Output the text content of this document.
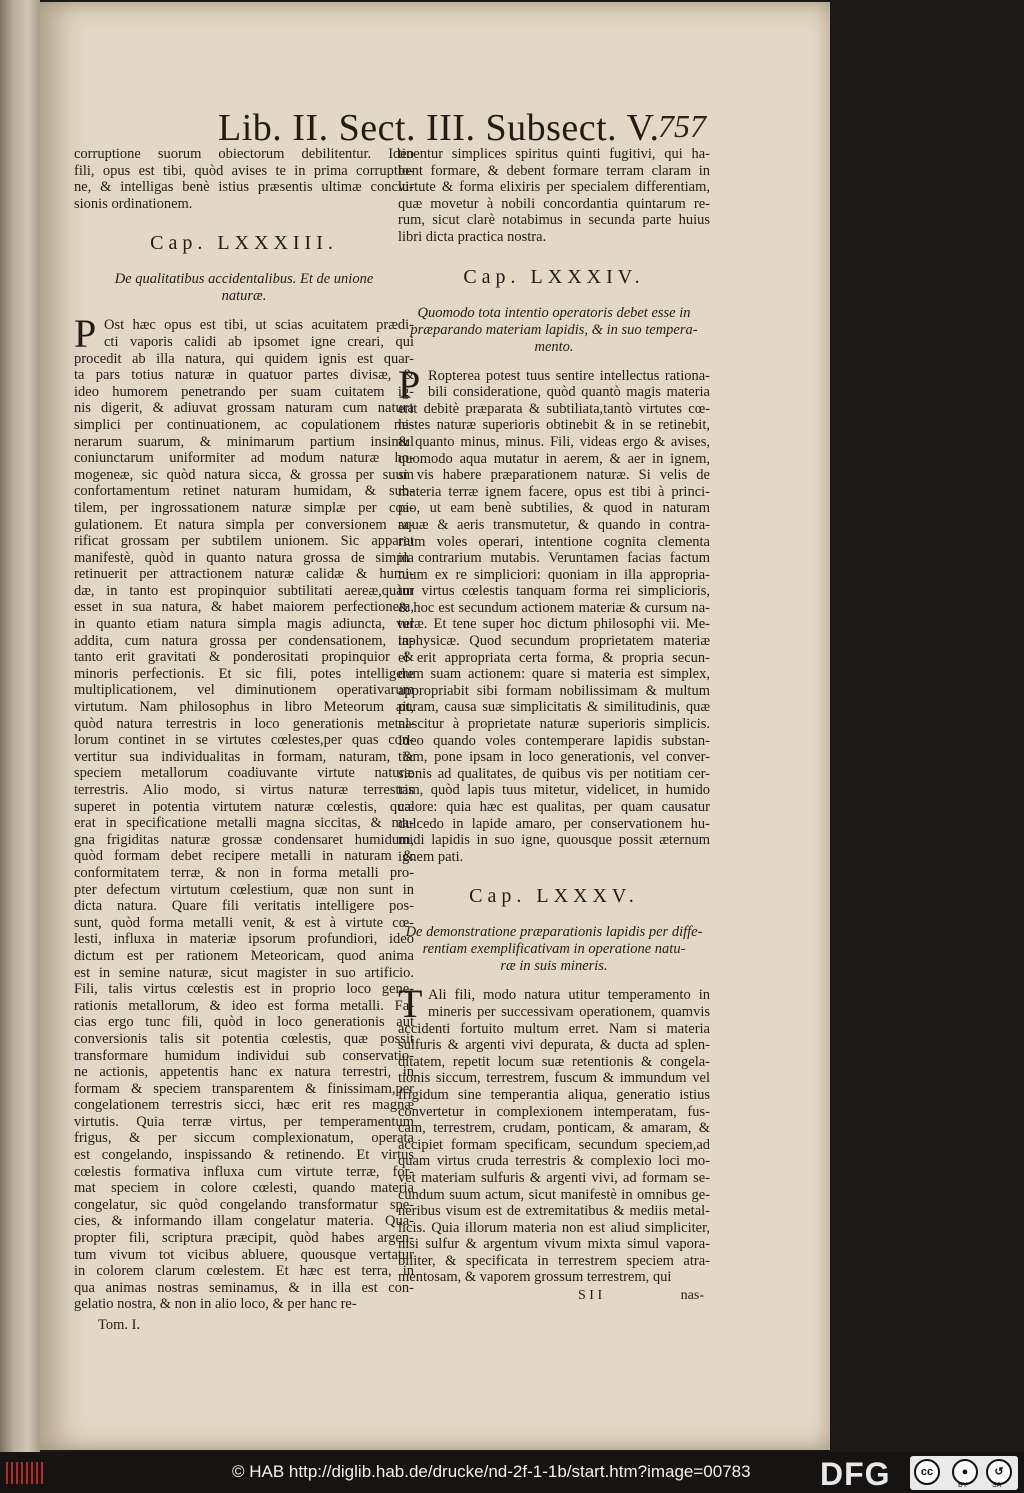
Lib. II. Sect. III. Subsect. V.
757
corruptione suorum obiectorum debilitentur. Ideo
fili, opus est tibi, quòd avises te in prima corruptio-
ne, & intelligas benè istius præsentis ultimæ conclu-
sionis ordinationem.
Cap. LXXXIII.
De qualitatibus accidentalibus. Et de unione
naturæ.
P Ost hæc opus est tibi, ut scias acuitatem prædi-
cti vaporis calidi ab ipsomet igne creari, qui
procedit ab illa natura, qui quidem ignis est quar-
ta pars totius naturæ in quatuor partes divisæ, &
ideo humorem penetrando per suam cuitatem ig-
nis digerit, & adiuvat grossam naturam cum natura
simplici per continuationem, ac copulationem mi-
nerarum suarum, & minimarum partium insimul
coniunctarum uniformiter ad modum naturæ ho-
mogeneæ, sic quòd natura sicca, & grossa per suum
confortamentum retinet naturam humidam, & sub-
tilem, per ingrossationem naturæ simplæ per coa-
gulationem. Et natura simpla per conversionem ra-
rificat grossam per subtilem unionem. Sic apparet
manifestè, quòd in quanto natura grossa de simpla
retinuerit per attractionem naturæ calidæ & humi-
dæ, in tanto est propinquior subtilitati aereæ,quàm
esset in sua natura, & habet maiorem perfectionem,
in quanto etiam natura simpla magis adiuncta, vel
addita, cum natura grossa per condensationem, in-
tanto erit gravitati & ponderositati propinquior &
minoris perfectionis. Et sic fili, potes intelligere
multiplicationem, vel diminutionem operativarum
virtutum. Nam philosophus in libro Meteorum ait,
quòd natura terrestris in loco generationis metal-
lorum continet in se virtutes cœlestes,per quas con-
vertitur sua individualitas in formam, naturam, &
speciem metallorum coadiuvante virtute naturæ
terrestris. Alio modo, si virtus naturæ terrestris
superet in potentia virtutem naturæ cœlestis, quæ
erat in specificatione metalli magna siccitas, & ma-
gna frigiditas naturæ grossæ condensaret humidum,
quòd formam debet recipere metalli in naturam &
conformitatem terræ, & non in forma metalli pro-
pter defectum virtutum cœlestium, quæ non sunt in
dicta natura. Quare fili veritatis intelligere pos-
sunt, quòd forma metalli venit, & est à virtute cœ-
lesti, influxa in materiæ ipsorum profundiori, ideo
dictum est per rationem Meteoricam, quod anima
est in semine naturæ, sicut magister in suo artificio.
Fili, talis virtus cœlestis est in proprio loco gene-
rationis metallorum, & ideo est forma metalli. Fa-
cias ergo tunc fili, quòd in loco generationis aut
conversionis talis sit potentia cœlestis, quæ possit
transformare humidum individui sub conservatio-
ne actionis, appetentis hanc ex natura terrestri, in
formam & speciem transparentem & finissimam,per
congelationem terrestris sicci, hæc erit res magnæ
virtutis. Quia terræ virtus, per temperamentum
frigus, & per siccum complexionatum, operata
est congelando, inspissando & retinendo. Et virtus
cœlestis formativa influxa cum virtute terræ, for-
mat speciem in colore cœlesti, quando materia
congelatur, sic quòd congelando transformatur spe-
cies, & informando illam congelatur materia. Qua-
propter fili, scriptura præcipit, quòd habes argen-
tum vivum tot vicibus abluere, quousque vertatur
in colorem clarum cœlestem. Et hæc est terra, in
qua animas nostras seminamus, & in illa est con-
gelatio nostra, & non in alio loco, & per hanc re-
Tom. I.
tinentur simplices spiritus quinti fugitivi, qui ha-
bent formare, & debent formare terram claram in
virtute & forma elixiris per specialem differentiam,
quæ movetur à nobili concordantia quintarum re-
rum, sicut clarè notabimus in secunda parte huius
libri dicta practica nostra.
Cap. LXXXIV.
Quomodo tota intentio operatoris debet esse in
præparando materiam lapidis, & in suo tempera-
mento.
P Ropterea potest tuus sentire intellectus rationa-
bili consideratione, quòd quantò magis materia
erit debitè præparata & subtiliata,tantò virtutes cœ-
lestes naturæ superioris obtinebit & in se retinebit,
& quanto minus, minus. Fili, videas ergo & avises,
quomodo aqua mutatur in aerem, & aer in ignem,
si vis habere præparationem naturæ. Si velis de
materia terræ ignem facere, opus est tibi à princi-
pio, ut eam benè subtilies, & quod in naturam
aquæ & aeris transmutetur, & quando in contra-
rium voles operari, intentione cognita clementa
in contrarium mutabis. Veruntamen facias factum
tuum ex re simpliciori: quoniam in illa appropria-
tur virtus cœlestis tanquam forma rei simplicioris,
& hoc est secundum actionem materiæ & cursum na-
turæ. Et tene super hoc dictum philosophi vii. Me-
taphysicæ. Quod secundum proprietatem materiæ
ei erit appropriata certa forma, & propria secun-
dum suam actionem: quare si materia est simplex,
appropriabit sibi formam nobilissimam & multum
puram, causa suæ simplicitatis & similitudinis, quæ
nascitur à proprietate naturæ superioris simplicis.
Ideo quando voles contemperare lapidis substan-
tiam, pone ipsam in loco generationis, vel conver-
sionis ad qualitates, de quibus vis per notitiam cer-
tam, quòd lapis tuus mitetur, videlicet, in humido
calore: quia hæc est qualitas, per quam causatur
dulcedo in lapide amaro, per conservationem hu-
midi lapidis in suo igne, quousque possit æternum
ignem pati.
Cap. LXXXV.
De demonstratione præparationis lapidis per diffe-
rentiam exemplificativam in operatione natu-
ræ in suis mineris.
T Ali fili, modo natura utitur temperamento in
mineris per successivam operationem, quamvis
accidenti fortuito multum erret. Nam si materia
sulfuris & argenti vivi depurata, & ducta ad splen-
ditatem, repetit locum suæ retentionis & congela-
tionis siccum, terrestrem, fuscum & immundum vel
frigidum sine temperantia aliqua, generatio istius
convertetur in complexionem intemperatam, fus-
cam, terrestrem, crudam, ponticam, & amaram, &
accipiet formam specificam, secundum speciem,ad
quam virtus cruda terrestris & complexio loci mo-
vet materiam sulfuris & argenti vivi, ad formam se-
cundum suum actum, sicut manifestè in omnibus ge-
neribus visum est de extremitatibus & mediis metal-
licis. Quia illorum materia non est aliud simpliciter,
nisi sulfur & argentum vivum mixta simul vapora-
biliter, & specificata in terrestrem speciem atra-
mentosam, & vaporem grossum terrestrem, qui
S I I	nas-
© HAB http://diglib.hab.de/drucke/nd-2f-1-1b/start.htm?image=00783 DFG	cc	●	↺
BY	SA
